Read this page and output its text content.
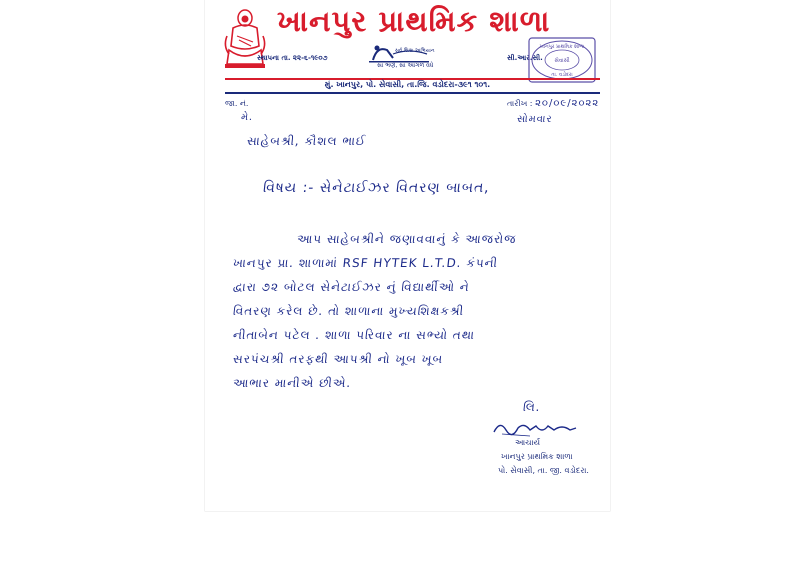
ખાનપુર પ્રાથમિક શાળા
સર્વ શિક્ષા અભિયાન
સૌ ભણે, સૌ આગળ વધે
સ્થાપના તા. ૨૨-૬-૧૯૦૭	સી.આર.સી.
ખાનપુર પ્રાથમિક શાળા
સેવાસી
તા. વડોદરા
મું. ખાનપુર, પો. સેવાસી, તા.જિ. વડોદરા-૩૯૧ ૧૦૧.
જા. નં.	તારીખ : ૨૦/૦૯/૨૦૨૨
સોમવાર
મે.
સાહેબશ્રી, કૌશલ ભાઈ
વિષય :- સેનેટાઈઝર વિતરણ બાબત,
આપ સાહેબશ્રીને જણાવવાનું કે આજરોજ
ખાનપુર પ્રા. શાળામાં RSF HYTEK L.T.D. કંપની
દ્વારા ૭૨ બોટલ સેનેટાઈઝર નું વિદ્યાર્થીઓ ને
વિતરણ કરેલ છે. તો શાળાના મુખ્યશિક્ષકશ્રી
નીતાબેન પટેલ . શાળા પરિવાર ના સભ્યો તથા
સરપંચશ્રી તરફથી આપશ્રી નો ખૂબ ખૂબ
આભાર માનીએ છીએ.
લિ.
આચાર્ય
ખાનપુર પ્રાથમિક શાળા
પો. સેવાસી, તા. જી. વડોદરા.
